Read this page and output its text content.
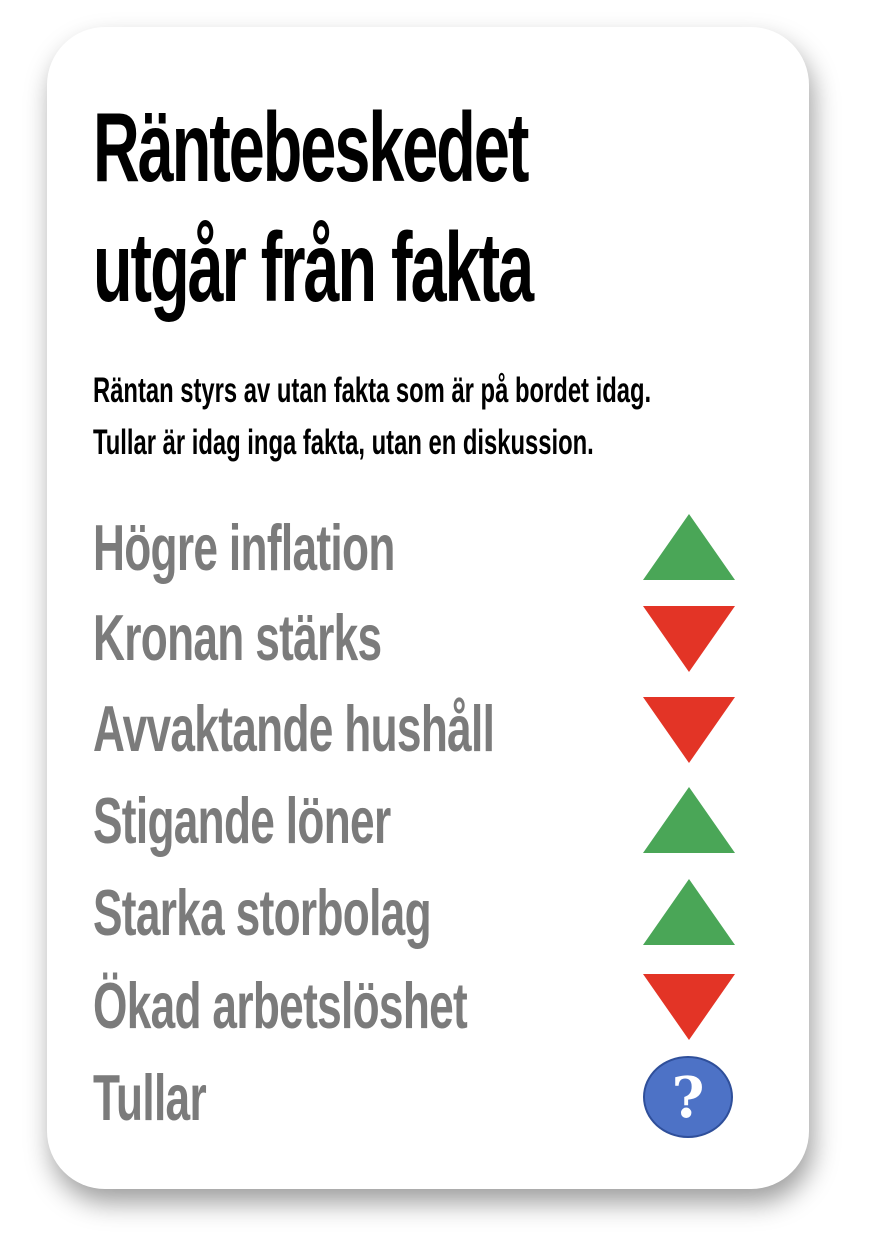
Räntebeskedet
utgår från fakta

Räntan styrs av utan fakta som är på bordet idag.
Tullar är idag inga fakta, utan en diskussion.

Högre inflation
Kronan stärks
Avvaktande hushåll
Stigande löner
Starka storbolag
Ökad arbetslöshet
Tullar	?
